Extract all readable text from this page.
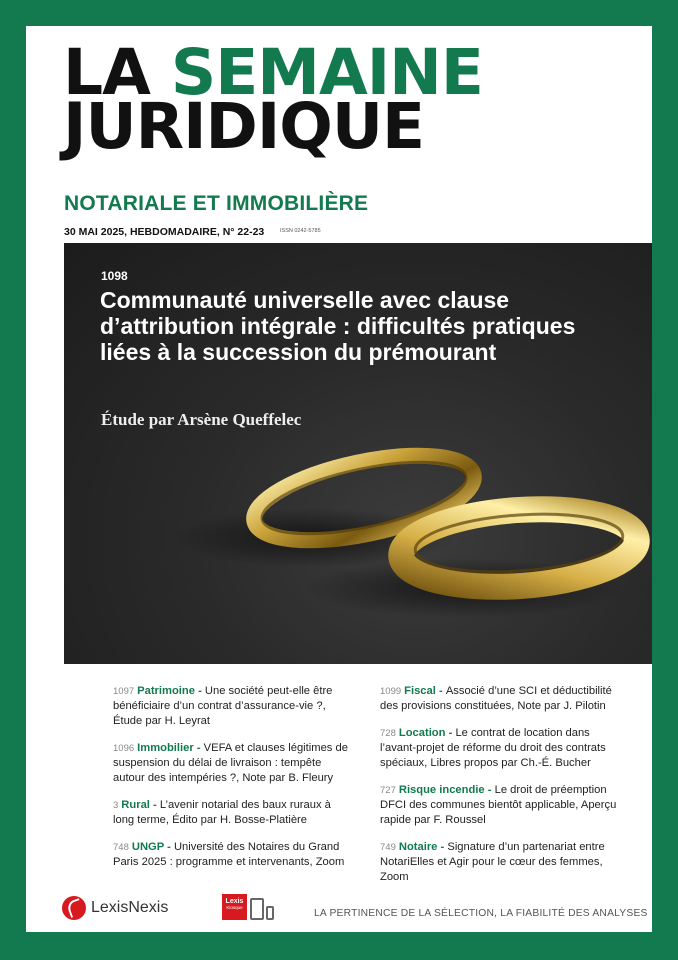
LA SEMAINE
JURIDIQUE
NOTARIALE ET IMMOBILIÈRE
30 MAI 2025, HEBDOMADAIRE, N° 22-23	ISSN 0242-5785
1098
Communauté universelle avec clause d’attribution intégrale : difficultés pratiques liées à la succession du prémourant
Étude par Arsène Queffelec
1097 Patrimoine - Une société peut-elle être bénéficiaire d’un contrat d’assurance-vie ?, Étude par H. Leyrat
1096 Immobilier - VEFA et clauses légitimes de suspension du délai de livraison : tempête autour des intempéries ?, Note par B. Fleury
3 Rural - L’avenir notarial des baux ruraux à long terme, Édito par H. Bosse-Platière
748 UNGP - Université des Notaires du Grand Paris 2025 : programme et intervenants, Zoom
1099 Fiscal - Associé d’une SCI et déductibilité des provisions constituées, Note par J. Pilotin
728 Location - Le contrat de location dans l’avant-projet de réforme du droit des contrats spéciaux, Libres propos par Ch.-É. Bucher
727 Risque incendie - Le droit de préemption DFCI des communes bientôt applicable, Aperçu rapide par F. Roussel
749 Notaire - Signature d’un partenariat entre NotariElles et Agir pour le cœur des femmes, Zoom
LexisNexis	Lexis
Kiosque
LA PERTINENCE DE LA SÉLECTION, LA FIABILITÉ DES ANALYSES
